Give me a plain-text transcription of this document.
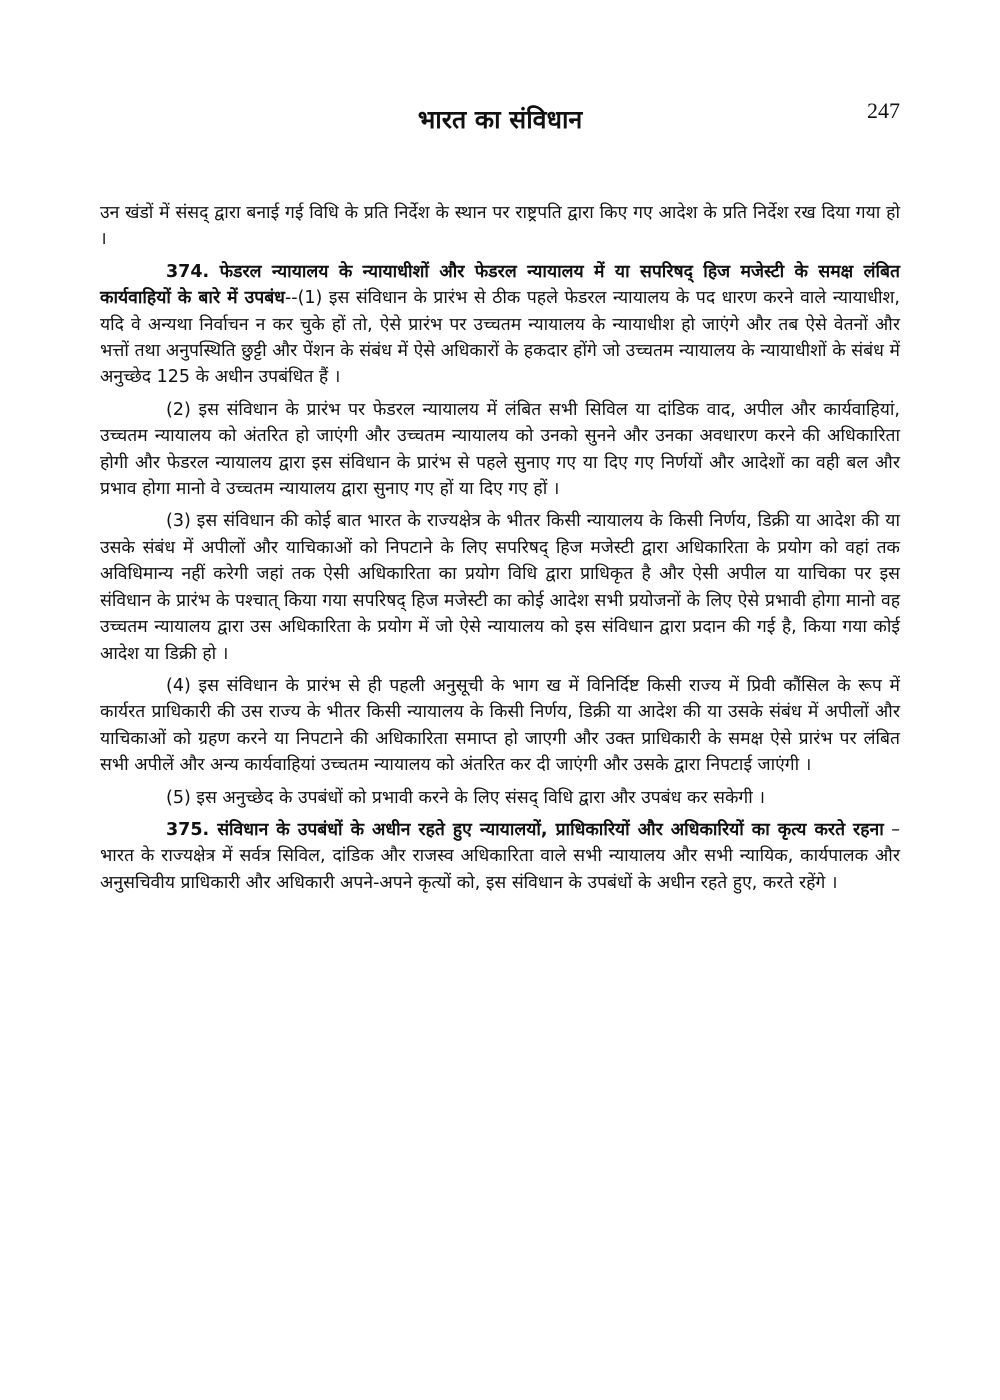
भारत का संविधान	247

उन खंडों में संसद् द्वारा बनाई गई विधि के प्रति निर्देश के स्थान पर राष्ट्रपति द्वारा किए गए आदेश के प्रति निर्देश रख दिया गया हो ।

374. फेडरल न्यायालय के न्यायाधीशों और फेडरल न्यायालय में या सपरिषद् हिज मजेस्टी के समक्ष लंबित कार्यवाहियों के बारे में उपबंध--(1) इस संविधान के प्रारंभ से ठीक पहले फेडरल न्यायालय के पद धारण करने वाले न्यायाधीश, यदि वे अन्यथा निर्वाचन न कर चुके हों तो, ऐसे प्रारंभ पर उच्चतम न्यायालय के न्यायाधीश हो जाएंगे और तब ऐसे वेतनों और भत्तों तथा अनुपस्थिति छुट्टी और पेंशन के संबंध में ऐसे अधिकारों के हकदार होंगे जो उच्चतम न्यायालय के न्यायाधीशों के संबंध में अनुच्छेद 125 के अधीन उपबंधित हैं ।

(2) इस संविधान के प्रारंभ पर फेडरल न्यायालय में लंबित सभी सिविल या दांडिक वाद, अपील और कार्यवाहियां, उच्चतम न्यायालय को अंतरित हो जाएंगी और उच्चतम न्यायालय को उनको सुनने और उनका अवधारण करने की अधिकारिता होगी और फेडरल न्यायालय द्वारा इस संविधान के प्रारंभ से पहले सुनाए गए या दिए गए निर्णयों और आदेशों का वही बल और प्रभाव होगा मानो वे उच्चतम न्यायालय द्वारा सुनाए गए हों या दिए गए हों ।

(3) इस संविधान की कोई बात भारत के राज्यक्षेत्र के भीतर किसी न्यायालय के किसी निर्णय, डिक्री या आदेश की या उसके संबंध में अपीलों और याचिकाओं को निपटाने के लिए सपरिषद् हिज मजेस्टी द्वारा अधिकारिता के प्रयोग को वहां तक अविधिमान्य नहीं करेगी जहां तक ऐसी अधिकारिता का प्रयोग विधि द्वारा प्राधिकृत है और ऐसी अपील या याचिका पर इस संविधान के प्रारंभ के पश्चात् किया गया सपरिषद् हिज मजेस्टी का कोई आदेश सभी प्रयोजनों के लिए ऐसे प्रभावी होगा मानो वह उच्चतम न्यायालय द्वारा उस अधिकारिता के प्रयोग में जो ऐसे न्यायालय को इस संविधान द्वारा प्रदान की गई है, किया गया कोई आदेश या डिक्री हो ।

(4) इस संविधान के प्रारंभ से ही पहली अनुसूची के भाग ख में विनिर्दिष्ट किसी राज्य में प्रिवी कौंसिल के रूप में कार्यरत प्राधिकारी की उस राज्य के भीतर किसी न्यायालय के किसी निर्णय, डिक्री या आदेश की या उसके संबंध में अपीलों और याचिकाओं को ग्रहण करने या निपटाने की अधिकारिता समाप्त हो जाएगी और उक्त प्राधिकारी के समक्ष ऐसे प्रारंभ पर लंबित सभी अपीलें और अन्य कार्यवाहियां उच्चतम न्यायालय को अंतरित कर दी जाएंगी और उसके द्वारा निपटाई जाएंगी ।

(5) इस अनुच्छेद के उपबंधों को प्रभावी करने के लिए संसद् विधि द्वारा और उपबंध कर सकेगी ।

375. संविधान के उपबंधों के अधीन रहते हुए न्यायालयों, प्राधिकारियों और अधिकारियों का कृत्य करते रहना – भारत के राज्यक्षेत्र में सर्वत्र सिविल, दांडिक और राजस्व अधिकारिता वाले सभी न्यायालय और सभी न्यायिक, कार्यपालक और अनुसचिवीय प्राधिकारी और अधिकारी अपने-अपने कृत्यों को, इस संविधान के उपबंधों के अधीन रहते हुए, करते रहेंगे ।
